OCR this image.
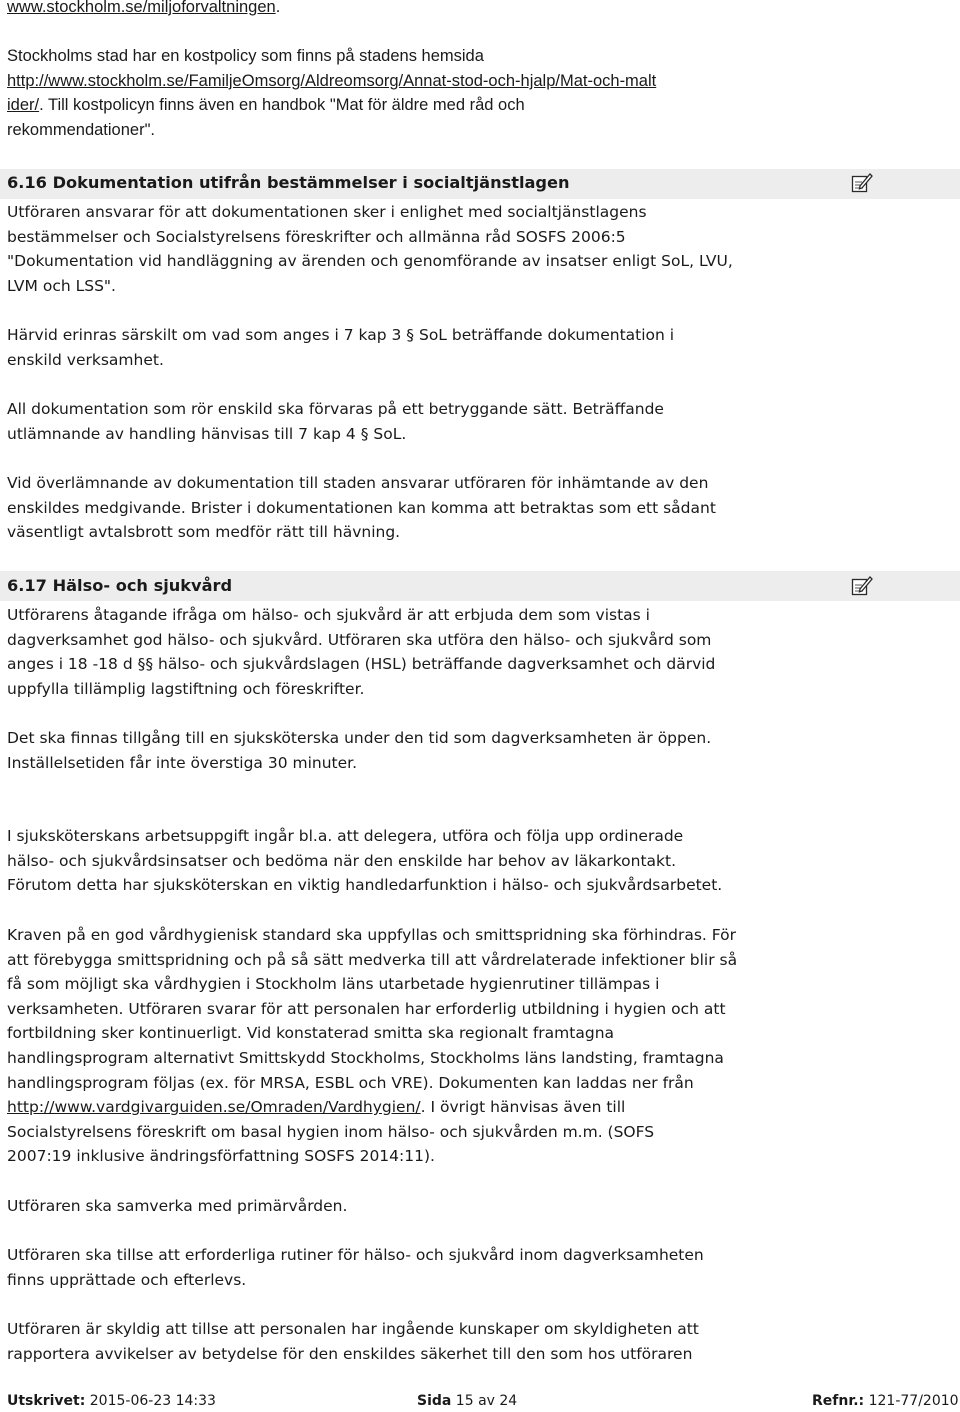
www.stockholm.se/miljoforvaltningen.
Stockholms stad har en kostpolicy som finns på stadens hemsida
http://www.stockholm.se/FamiljeOmsorg/Aldreomsorg/Annat-stod-och-hjalp/Mat-och-malt
ider/. Till kostpolicyn finns även en handbok "Mat för äldre med råd och
rekommendationer".
6.16 Dokumentation utifrån bestämmelser i socialtjänstlagen
Utföraren ansvarar för att dokumentationen sker i enlighet med socialtjänstlagens
bestämmelser och Socialstyrelsens föreskrifter och allmänna råd SOSFS 2006:5
"Dokumentation vid handläggning av ärenden och genomförande av insatser enligt SoL, LVU,
LVM och LSS".
Härvid erinras särskilt om vad som anges i 7 kap 3 § SoL beträffande dokumentation i
enskild verksamhet.
All dokumentation som rör enskild ska förvaras på ett betryggande sätt. Beträffande
utlämnande av handling hänvisas till 7 kap 4 § SoL.
Vid överlämnande av dokumentation till staden ansvarar utföraren för inhämtande av den
enskildes medgivande. Brister i dokumentationen kan komma att betraktas som ett sådant
väsentligt avtalsbrott som medför rätt till hävning.
6.17 Hälso- och sjukvård
Utförarens åtagande ifråga om hälso- och sjukvård är att erbjuda dem som vistas i
dagverksamhet god hälso- och sjukvård. Utföraren ska utföra den hälso- och sjukvård som
anges i 18 -18 d §§ hälso- och sjukvårdslagen (HSL) beträffande dagverksamhet och därvid
uppfylla tillämplig lagstiftning och föreskrifter.
Det ska finnas tillgång till en sjuksköterska under den tid som dagverksamheten är öppen.
Inställelsetiden får inte överstiga 30 minuter.
I sjuksköterskans arbetsuppgift ingår bl.a. att delegera, utföra och följa upp ordinerade
hälso- och sjukvårdsinsatser och bedöma när den enskilde har behov av läkarkontakt.
Förutom detta har sjuksköterskan en viktig handledarfunktion i hälso- och sjukvårdsarbetet.
Kraven på en god vårdhygienisk standard ska uppfyllas och smittspridning ska förhindras. För
att förebygga smittspridning och på så sätt medverka till att vårdrelaterade infektioner blir så
få som möjligt ska vårdhygien i Stockholm läns utarbetade hygienrutiner tillämpas i
verksamheten. Utföraren svarar för att personalen har erforderlig utbildning i hygien och att
fortbildning sker kontinuerligt. Vid konstaterad smitta ska regionalt framtagna
handlingsprogram alternativt Smittskydd Stockholms, Stockholms läns landsting, framtagna
handlingsprogram följas (ex. för MRSA, ESBL och VRE). Dokumenten kan laddas ner från
http://www.vardgivarguiden.se/Omraden/Vardhygien/. I övrigt hänvisas även till
Socialstyrelsens föreskrift om basal hygien inom hälso- och sjukvården m.m. (SOFS
2007:19 inklusive ändringsförfattning SOSFS 2014:11).
Utföraren ska samverka med primärvården.
Utföraren ska tillse att erforderliga rutiner för hälso- och sjukvård inom dagverksamheten
finns upprättade och efterlevs.
Utföraren är skyldig att tillse att personalen har ingående kunskaper om skyldigheten att
rapportera avvikelser av betydelse för den enskildes säkerhet till den som hos utföraren
Utskrivet: 2015-06-23 14:33	Sida 15 av 24	Refnr.: 121-77/2010
